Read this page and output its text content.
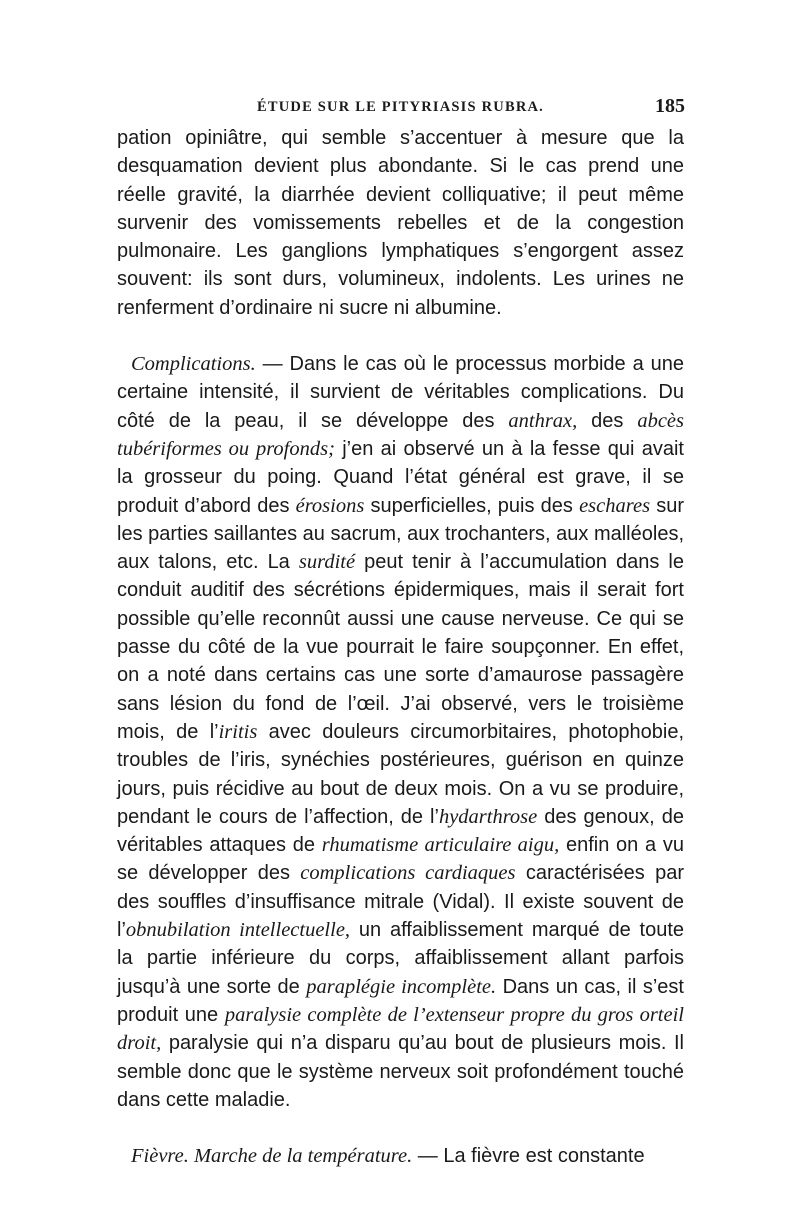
ÉTUDE SUR LE PITYRIASIS RUBRA.	185

pation opiniâtre, qui semble s’accentuer à mesure que la desquamation devient plus abondante. Si le cas prend une réelle gravité, la diarrhée devient colliquative; il peut même survenir des vomissements rebelles et de la congestion pulmonaire. Les ganglions lymphatiques s’engorgent assez souvent: ils sont durs, volumineux, indolents. Les urines ne renferment d’ordinaire ni sucre ni albumine.

Complications. — Dans le cas où le processus morbide a une certaine intensité, il survient de véritables complications. Du côté de la peau, il se développe des anthrax, des abcès tubériformes ou profonds; j’en ai observé un à la fesse qui avait la grosseur du poing. Quand l’état général est grave, il se produit d’abord des érosions superficielles, puis des eschares sur les parties saillantes au sacrum, aux trochanters, aux malléoles, aux talons, etc. La surdité peut tenir à l’accumulation dans le conduit auditif des sécrétions épidermiques, mais il serait fort possible qu’elle reconnût aussi une cause nerveuse. Ce qui se passe du côté de la vue pourrait le faire soupçonner. En effet, on a noté dans certains cas une sorte d’amaurose passagère sans lésion du fond de l’œil. J’ai observé, vers le troisième mois, de l’iritis avec douleurs circumorbitaires, photophobie, troubles de l’iris, synéchies postérieures, guérison en quinze jours, puis récidive au bout de deux mois. On a vu se produire, pendant le cours de l’affection, de l’hydarthrose des genoux, de véritables attaques de rhumatisme articulaire aigu, enfin on a vu se développer des complications cardiaques caractérisées par des souffles d’insuffisance mitrale (Vidal). Il existe souvent de l’obnubilation intellectuelle, un affaiblissement marqué de toute la partie inférieure du corps, affaiblissement allant parfois jusqu’à une sorte de paraplégie incomplète. Dans un cas, il s’est produit une paralysie complète de l’extenseur propre du gros orteil droit, paralysie qui n’a disparu qu’au bout de plusieurs mois. Il semble donc que le système nerveux soit profondément touché dans cette maladie.

Fièvre. Marche de la température. — La fièvre est constante
